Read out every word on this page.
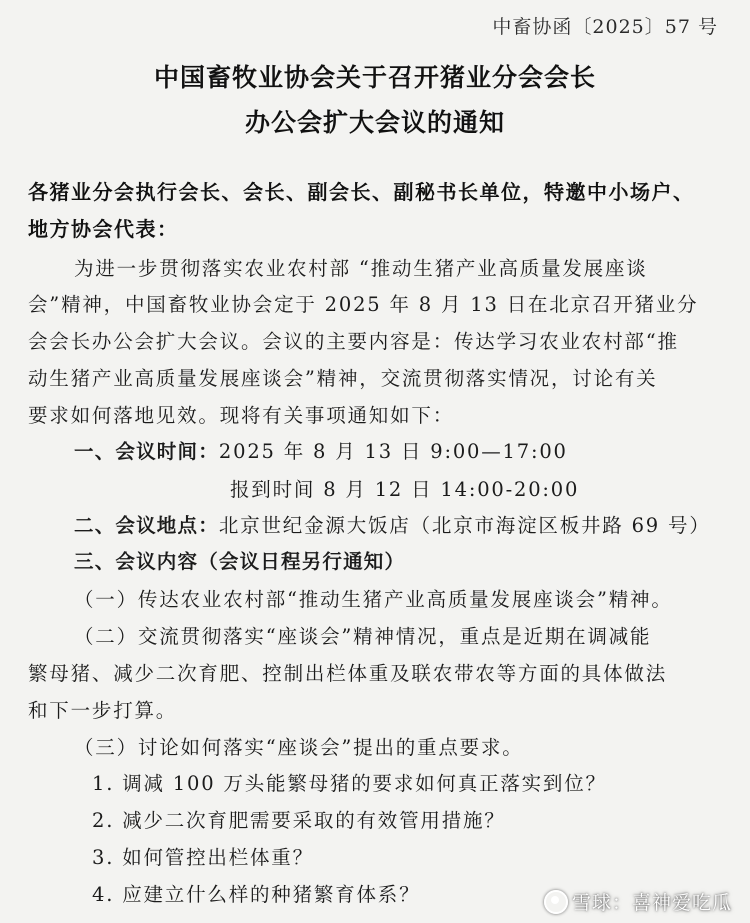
中畜协函〔2025〕57 号
中国畜牧业协会关于召开猪业分会会长
办公会扩大会议的通知
各猪业分会执行会长、会长、副会长、副秘书长单位，特邀中小场户、
地方协会代表：
为进一步贯彻落实农业农村部 “推动生猪产业高质量发展座谈
会”精神，中国畜牧业协会定于 2025 年 8 月 13 日在北京召开猪业分
会会长办公会扩大会议。会议的主要内容是：传达学习农业农村部“推
动生猪产业高质量发展座谈会”精神，交流贯彻落实情况，讨论有关
要求如何落地见效。现将有关事项通知如下：
一、会议时间：2025 年 8 月 13 日 9:00—17:00
报到时间 8 月 12 日 14:00-20:00
二、会议地点：北京世纪金源大饭店（北京市海淀区板井路 69 号）
三、会议内容（会议日程另行通知）
（一）传达农业农村部“推动生猪产业高质量发展座谈会”精神。
（二）交流贯彻落实“座谈会”精神情况，重点是近期在调减能
繁母猪、减少二次育肥、控制出栏体重及联农带农等方面的具体做法
和下一步打算。
（三）讨论如何落实“座谈会”提出的重点要求。
1. 调减 100 万头能繁母猪的要求如何真正落实到位？
2. 减少二次育肥需要采取的有效管用措施？
3. 如何管控出栏体重？
4. 应建立什么样的种猪繁育体系？	雪球：喜神爱吃瓜
